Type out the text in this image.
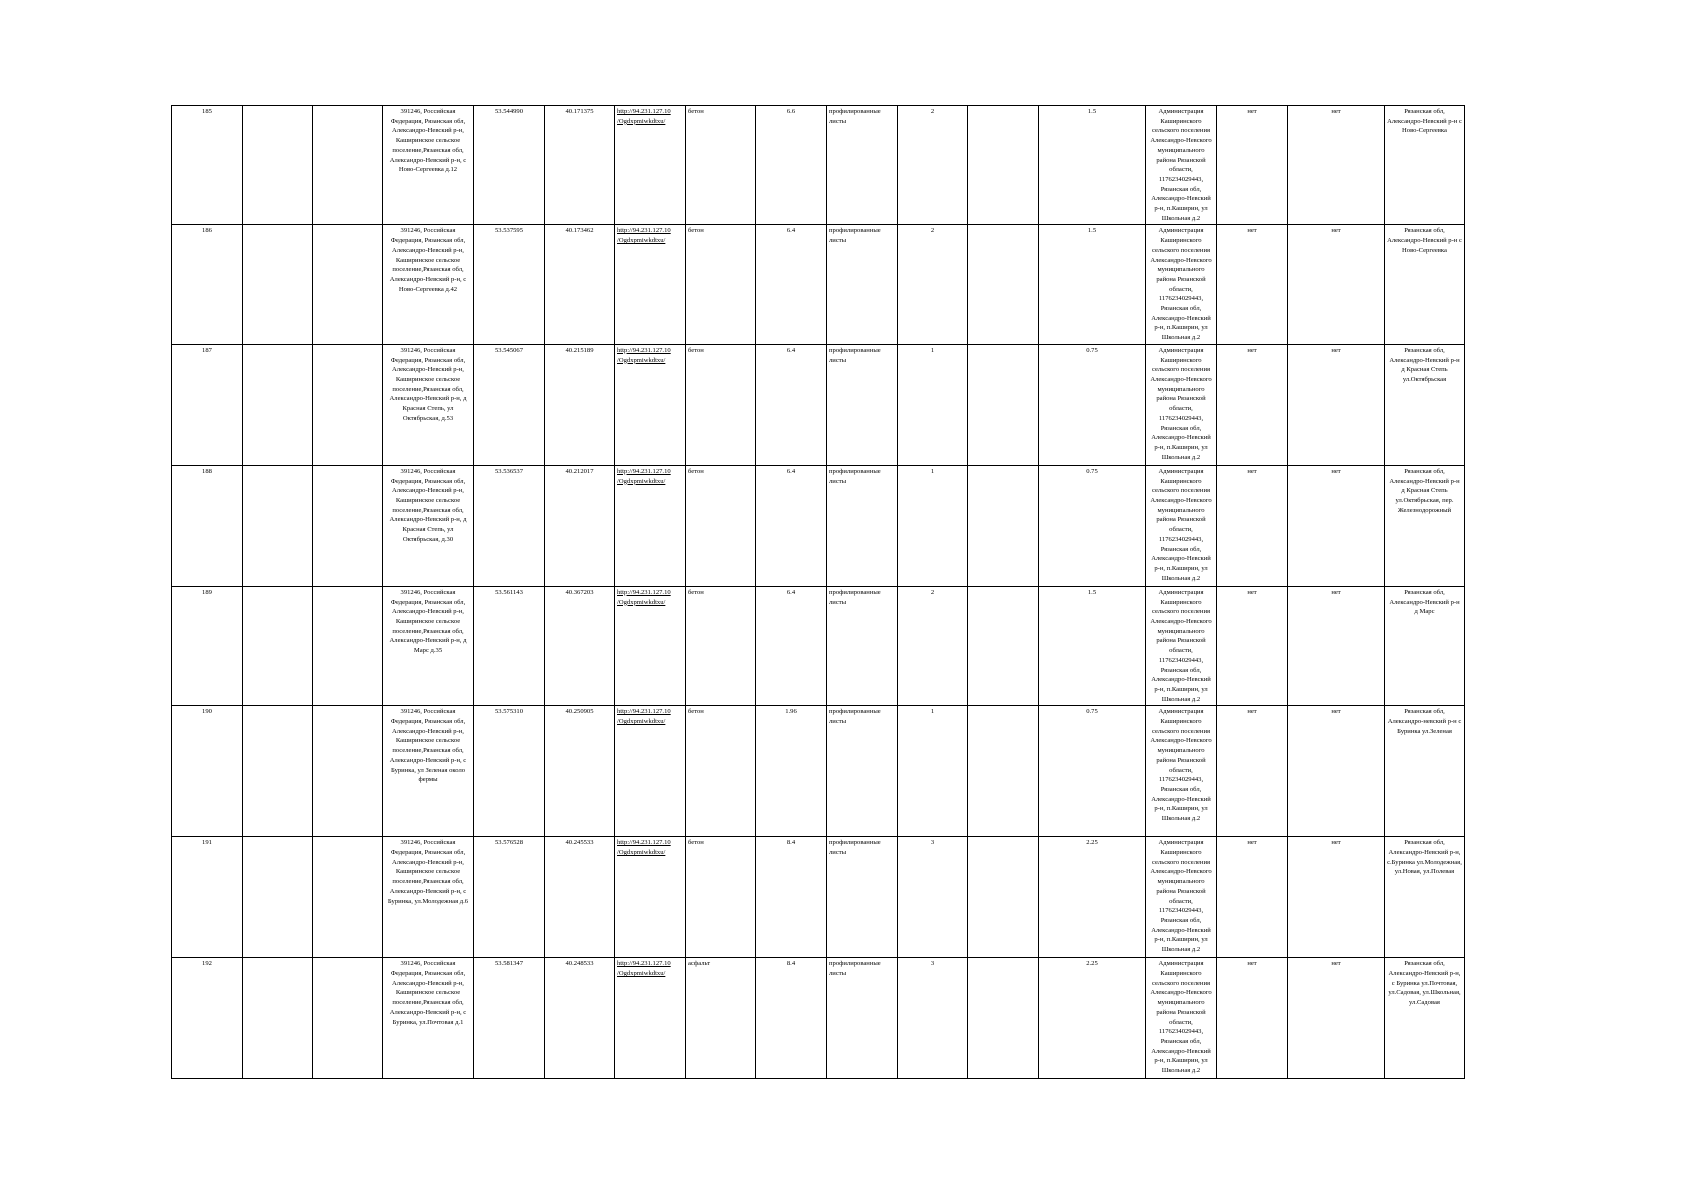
185			391246, Российская Федерация, Рязанская обл, Александро-Невский р-н, Каширинское сельское поселение,Рязанская обл, Александро-Невский р-н, с Ново-Сергеевка д.12	53.544990	40.171375	http://94.231.127.10 /Ogdxpmiwkdtxu/	бетон	6.6	профилированные листы	2		1.5	Администрация Каширинского сельского поселения Александро-Невского муниципального района Рязанской области, 1176234029443, Рязанская обл, Александро-Невский р-н, п.Каширин, ул Школьная д.2	нет	нет	Рязанская обл, Александро-Невский р-н с Ново-Сергеевка
186			391246, Российская Федерация, Рязанская обл, Александро-Невский р-н, Каширинское сельское поселение,Рязанская обл, Александро-Невский р-н, с Ново-Сергеевка д.42	53.537595	40.173462	http://94.231.127.10 /Ogdxpmiwkdtxu/	бетон	6.4	профилированные листы	2		1.5	Администрация Каширинского сельского поселения Александро-Невского муниципального района Рязанской области, 1176234029443, Рязанская обл, Александро-Невский р-н, п.Каширин, ул Школьная д.2	нет	нет	Рязанская обл, Александро-Невский р-н с Ново-Сергеевка
187			391246, Российская Федерация, Рязанская обл, Александро-Невский р-н, Каширинское сельское поселение,Рязанская обл, Александро-Невский р-н, д Красная Степь, ул Октябрьская, д.53	53.545067	40.215189	http://94.231.127.10 /Ogdxpmiwkdtxu/	бетон	6.4	профилированные листы	1		0.75	Администрация Каширинского сельского поселения Александро-Невского муниципального района Рязанской области, 1176234029443, Рязанская обл, Александро-Невский р-н, п.Каширин, ул Школьная д.2	нет	нет	Рязанская обл, Александро-Невский р-н д Красная Степь ул.Октябрьская
188			391246, Российская Федерация, Рязанская обл, Александро-Невский р-н, Каширинское сельское поселение,Рязанская обл, Александро-Невский р-н, д Красная Степь, ул Октябрьская, д.30	53.536537	40.212017	http://94.231.127.10 /Ogdxpmiwkdtxu/	бетон	6.4	профилированные листы	1		0.75	Администрация Каширинского сельского поселения Александро-Невского муниципального района Рязанской области, 1176234029443, Рязанская обл, Александро-Невский р-н, п.Каширин, ул Школьная д.2	нет	нет	Рязанская обл, Александро-Невский р-н д Красная Степь ул.Октябрьская, пер. Железнодорожный
189			391246, Российская Федерация, Рязанская обл, Александро-Невский р-н, Каширинское сельское поселение,Рязанская обл, Александро-Невский р-н, д Марс д.35	53.561143	40.367203	http://94.231.127.10 /Ogdxpmiwkdtxu/	бетон	6.4	профилированные листы	2		1.5	Администрация Каширинского сельского поселения Александро-Невского муниципального района Рязанской области, 1176234029443, Рязанская обл, Александро-Невский р-н, п.Каширин, ул Школьная д.2	нет	нет	Рязанская обл, Александро-Невский р-н д Марс
190			391246, Российская Федерация, Рязанская обл, Александро-Невский р-н, Каширинское сельское поселение,Рязанская обл, Александро-Невский р-н, с Буринка, ул Зеленая около фермы	53.575310	40.250905	http://94.231.127.10 /Ogdxpmiwkdtxu/	бетон	1.96	профилированные листы	1		0.75	Администрация Каширинского сельского поселения Александро-Невского муниципального района Рязанской области, 1176234029443, Рязанская обл, Александро-Невский р-н, п.Каширин, ул Школьная д.2	нет	нет	Рязанская обл, Александро-невский р-н с Буринка ул.Зеленая
191			391246, Российская Федерация, Рязанская обл, Александро-Невский р-н, Каширинское сельское поселение,Рязанская обл, Александро-Невский р-н, с Буринка, ул.Молодежная д.6	53.576528	40.245533	http://94.231.127.10 /Ogdxpmiwkdtxu/	бетон	8.4	профилированные листы	3		2.25	Администрация Каширинского сельского поселения Александро-Невского муниципального района Рязанской области, 1176234029443, Рязанская обл, Александро-Невский р-н, п.Каширин, ул Школьная д.2	нет	нет	Рязанская обл, Александро-Невский р-н, с.Буринка ул.Молодежная, ул.Новая, ул.Полевая
192			391246, Российская Федерация, Рязанская обл, Александро-Невский р-н, Каширинское сельское поселение,Рязанская обл, Александро-Невский р-н, с Буринка, ул.Почтовая д.1	53.581347	40.248533	http://94.231.127.10 /Ogdxpmiwkdtxu/	асфальт	8.4	профилированные листы	3		2.25	Администрация Каширинского сельского поселения Александро-Невского муниципального района Рязанской области, 1176234029443, Рязанская обл, Александро-Невский р-н, п.Каширин, ул Школьная д.2	нет	нет	Рязанская обл, Александро-Невский р-н, с Буринка ул.Почтовая, ул.Садовая, ул.Школьная, ул.Садовая
